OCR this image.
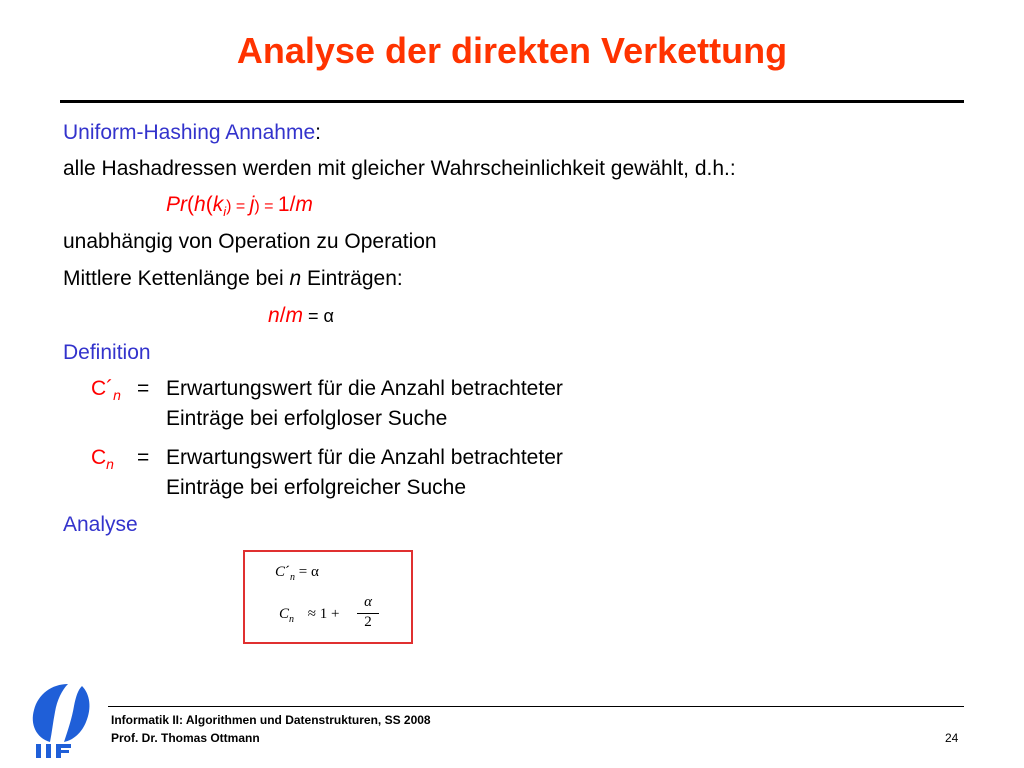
Analyse der direkten Verkettung
Uniform-Hashing Annahme:
alle Hashadressen werden mit gleicher Wahrscheinlichkeit gewählt, d.h.:
$Pr(h(k_i) = j) = 1/m$
unabhängig von Operation zu Operation
Mittlere Kettenlänge bei n Einträgen:
n/m = α
Definition
$C´_n$ = Erwartungswert für die Anzahl betrachteter
Einträge bei erfolgloser Suche
$C_n$ = Erwartungswert für die Anzahl betrachteter
Einträge bei erfolgreicher Suche
Analyse
$C´_n = \alpha$
$C_n \approx 1 + \frac{\alpha}{2}$
Informatik II: Algorithmen und Datenstrukturen, SS 2008
Prof. Dr. Thomas Ottmann	24
